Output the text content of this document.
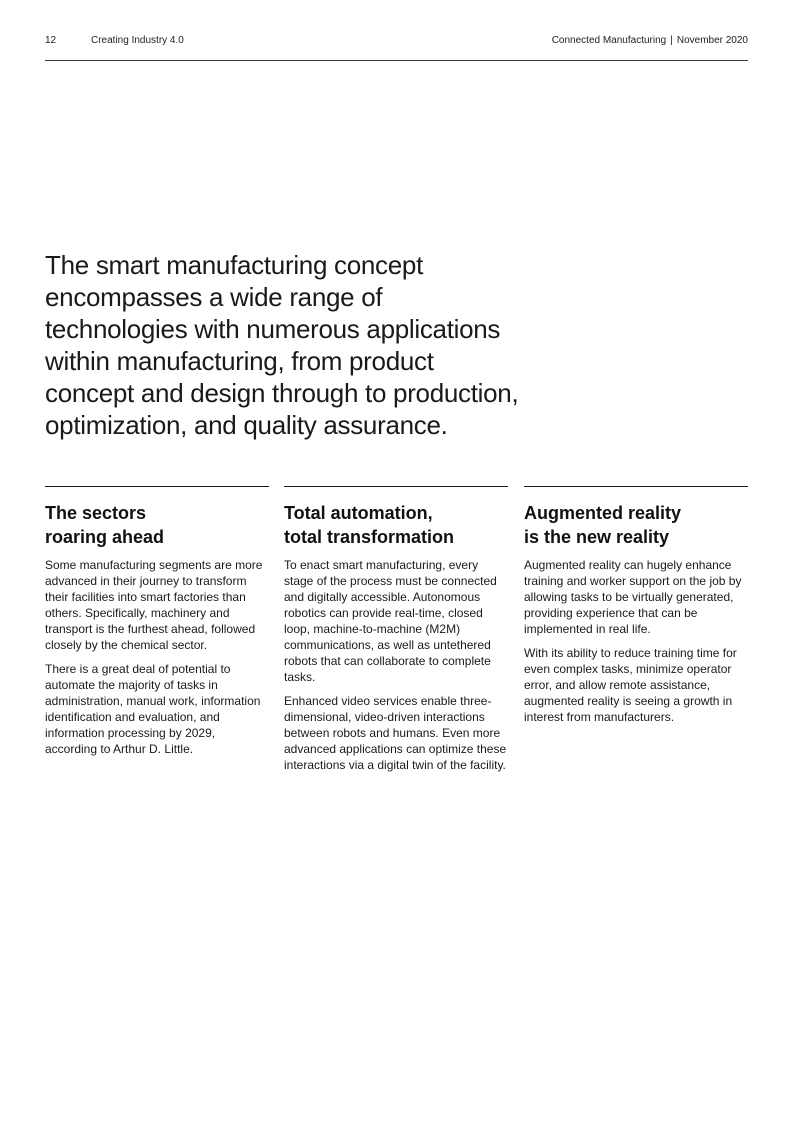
12	Creating Industry 4.0	Connected Manufacturing | November 2020

The smart manufacturing concept encompasses a wide range of technologies with numerous applications within manufacturing, from product concept and design through to production, optimization, and quality assurance.

The sectors
roaring ahead

Some manufacturing segments are more advanced in their journey to transform their facilities into smart factories than others. Specifically, machinery and transport is the furthest ahead, followed closely by the chemical sector.

There is a great deal of potential to automate the majority of tasks in administration, manual work, information identification and evaluation, and information processing by 2029, according to Arthur D. Little.

Total automation,
total transformation

To enact smart manufacturing, every stage of the process must be connected and digitally accessible. Autonomous robotics can provide real-time, closed loop, machine-to-machine (M2M) communications, as well as untethered robots that can collaborate to complete tasks.

Enhanced video services enable three-dimensional, video-driven interactions between robots and humans. Even more advanced applications can optimize these interactions via a digital twin of the facility.

Augmented reality
is the new reality

Augmented reality can hugely enhance training and worker support on the job by allowing tasks to be virtually generated, providing experience that can be implemented in real life.

With its ability to reduce training time for even complex tasks, minimize operator error, and allow remote assistance, augmented reality is seeing a growth in interest from manufacturers.
